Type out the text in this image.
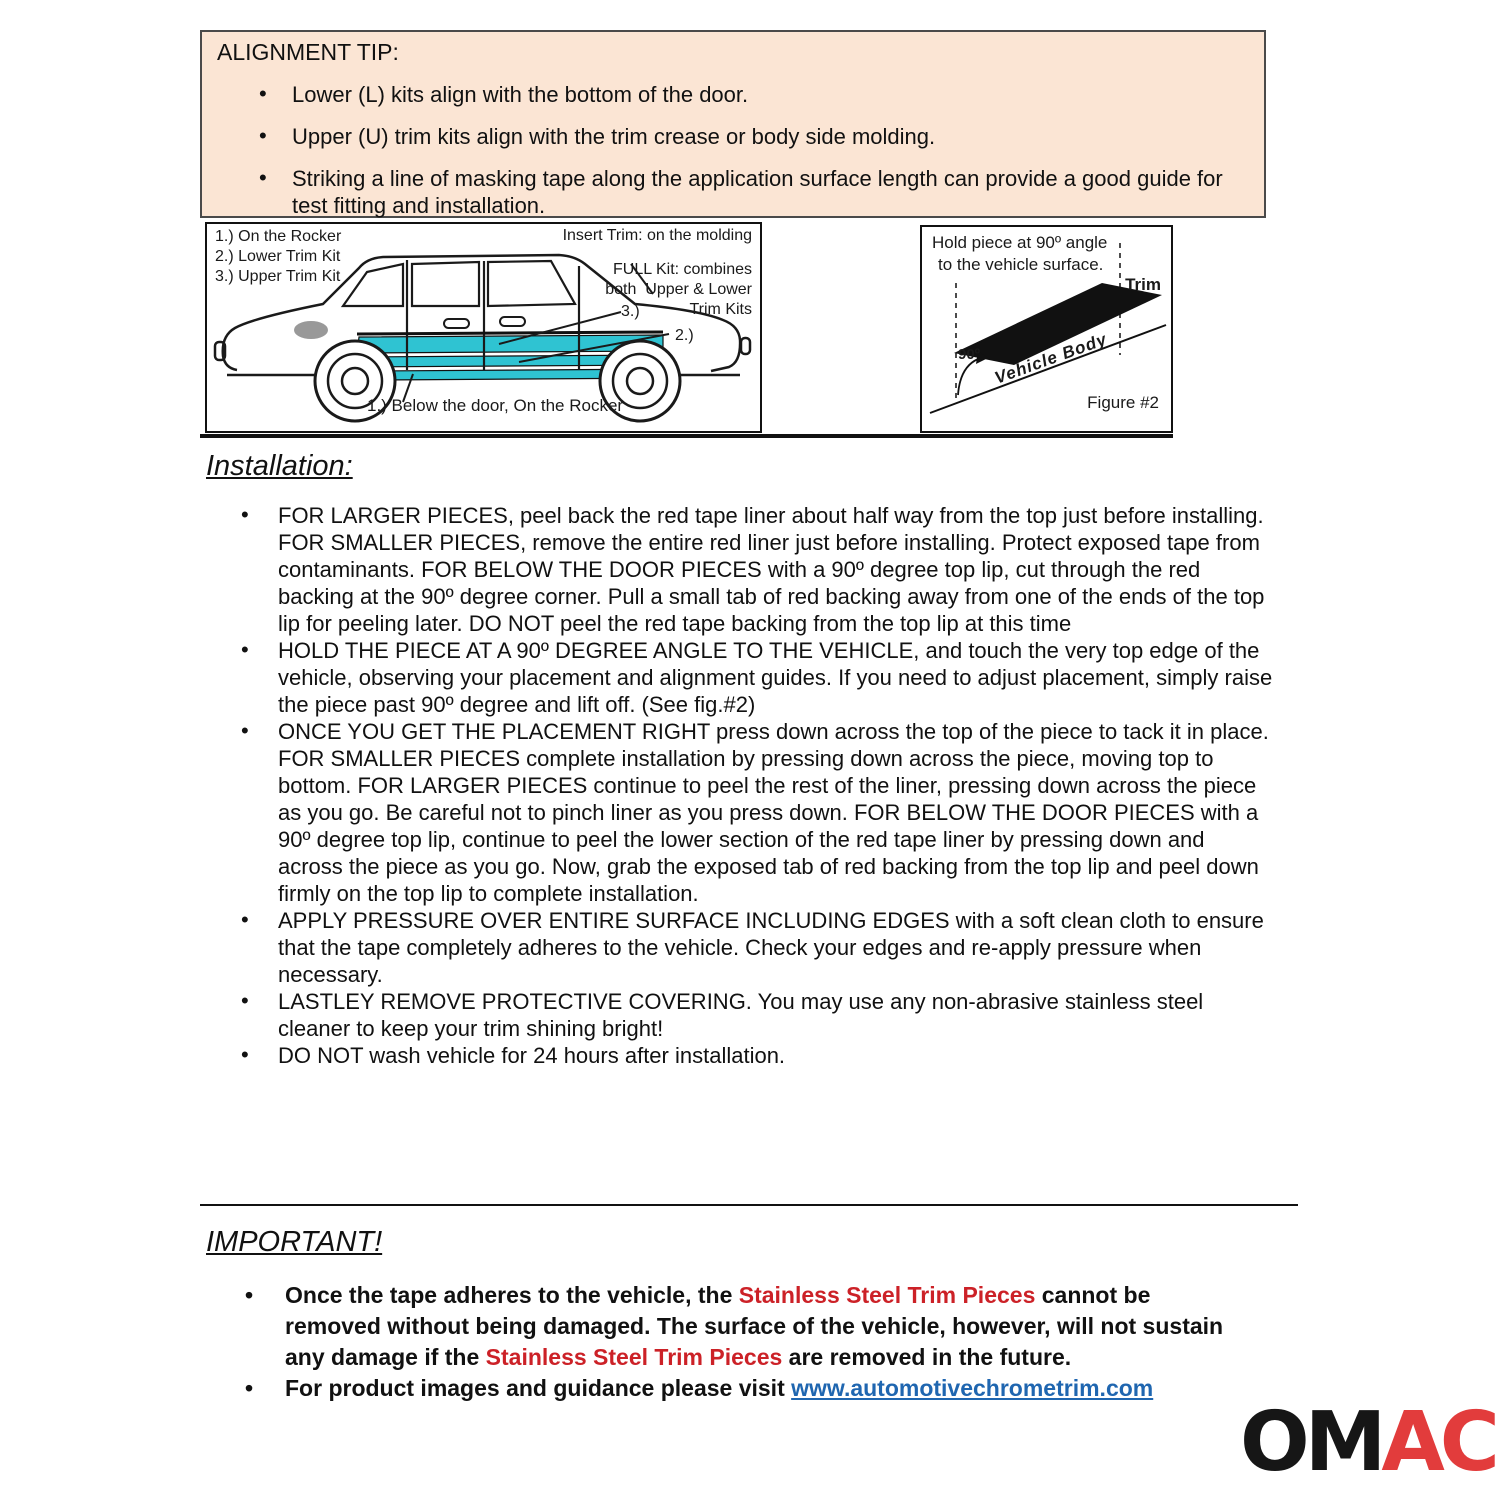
ALIGNMENT TIP:
• Lower (L) kits align with the bottom of the door.
• Upper (U) trim kits align with the trim crease or body side molding.
• Striking a line of masking tape along the application surface length can provide a good guide for test fitting and installation.
1.) On the Rocker
2.) Lower Trim Kit
3.) Upper Trim Kit
Insert Trim: on the molding
FULL Kit: combines
both  Upper & Lower
Trim Kits
3.)
2.)
1.) Below the door, On the Rocker
Hold piece at 90º angle
to the vehicle surface.
Trim
90º Vehicle Body
Figure #2
Installation:
• FOR LARGER PIECES, peel back the red tape liner about half way from the top just before installing. FOR SMALLER PIECES, remove the entire red liner just before installing. Protect exposed tape from contaminants. FOR BELOW THE DOOR PIECES with a 90º degree top lip, cut through the red backing at the 90º degree corner. Pull a small tab of red backing away from one of the ends of the top lip for peeling later. DO NOT peel the red tape backing from the top lip at this time
• HOLD THE PIECE AT A 90º DEGREE ANGLE TO THE VEHICLE, and touch the very top edge of the vehicle, observing your placement and alignment guides. If you need to adjust placement, simply raise the piece past 90º degree and lift off. (See fig.#2)
• ONCE YOU GET THE PLACEMENT RIGHT press down across the top of the piece to tack it in place.  FOR SMALLER PIECES complete installation by pressing down across the piece, moving top to bottom. FOR LARGER PIECES continue to peel the rest of the liner, pressing down across the piece as you go. Be careful not to pinch liner as you press down. FOR BELOW THE DOOR PIECES with a 90º degree top lip, continue to peel the lower section of the red tape liner by pressing down and across the piece as you go. Now, grab the exposed tab of red backing from the top lip and peel down firmly on the top lip to complete installation.
• APPLY PRESSURE OVER ENTIRE SURFACE INCLUDING EDGES with a soft clean cloth to ensure that the tape completely adheres to the vehicle. Check your edges and re-apply pressure when necessary.
• LASTLEY REMOVE PROTECTIVE COVERING. You may use any non-abrasive stainless steel cleaner to keep your trim shining bright!
• DO NOT wash vehicle for 24 hours after installation.
IMPORTANT!
• Once the tape adheres to the vehicle, the Stainless Steel Trim Pieces cannot be removed without being damaged. The surface of the vehicle, however, will not sustain any damage if the Stainless Steel Trim Pieces are removed in the future.
• For product images and guidance please visit www.automotivechrometrim.com
OM AC
